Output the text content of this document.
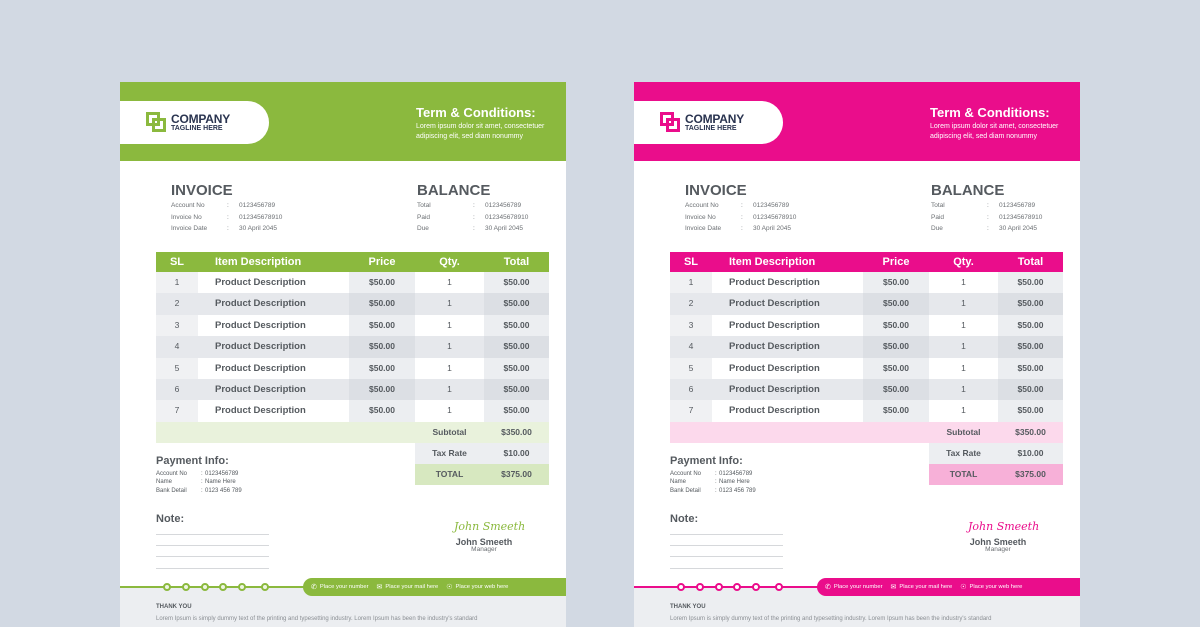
COMPANY
TAGLINE HERE
Term & Conditions:
Lorem ipsum dolor sit amet, consectetuer adipiscing elit, sed diam nonummy
INVOICE
Account No	:	0123456789
Invoice No	:	012345678910
Invoice Date	:	30 April 2045
BALANCE
Total	:	0123456789
Paid	:	012345678910
Due	:	30 April 2045
SL	Item Description	Price	Qty.	Total
1	Product Description	$50.00	1	$50.00
2	Product Description	$50.00	1	$50.00
3	Product Description	$50.00	1	$50.00
4	Product Description	$50.00	1	$50.00
5	Product Description	$50.00	1	$50.00
6	Product Description	$50.00	1	$50.00
7	Product Description	$50.00	1	$50.00
Subtotal	$350.00
Tax Rate	$10.00
TOTAL	$375.00
Payment Info:
Account No	: 0123456789
Name	: Name Here
Bank Detail	: 0123 456 789
Note:
John Smeeth
John Smeeth
Manager
✆ Place your number ✉ Place your mail here ☉ Place your web here
THANK YOU
Lorem Ipsum is simply dummy text of the printing and typesetting industry. Lorem Ipsum has been the industry's standard
COMPANY
TAGLINE HERE
Term & Conditions:
Lorem ipsum dolor sit amet, consectetuer adipiscing elit, sed diam nonummy
INVOICE
Account No	:	0123456789
Invoice No	:	012345678910
Invoice Date	:	30 April 2045
BALANCE
Total	:	0123456789
Paid	:	012345678910
Due	:	30 April 2045
SL	Item Description	Price	Qty.	Total
1	Product Description	$50.00	1	$50.00
2	Product Description	$50.00	1	$50.00
3	Product Description	$50.00	1	$50.00
4	Product Description	$50.00	1	$50.00
5	Product Description	$50.00	1	$50.00
6	Product Description	$50.00	1	$50.00
7	Product Description	$50.00	1	$50.00
Subtotal	$350.00
Tax Rate	$10.00
TOTAL	$375.00
Payment Info:
Account No	: 0123456789
Name	: Name Here
Bank Detail	: 0123 456 789
Note:
John Smeeth
John Smeeth
Manager
✆ Place your number ✉ Place your mail here ☉ Place your web here
THANK YOU
Lorem Ipsum is simply dummy text of the printing and typesetting industry. Lorem Ipsum has been the industry's standard
